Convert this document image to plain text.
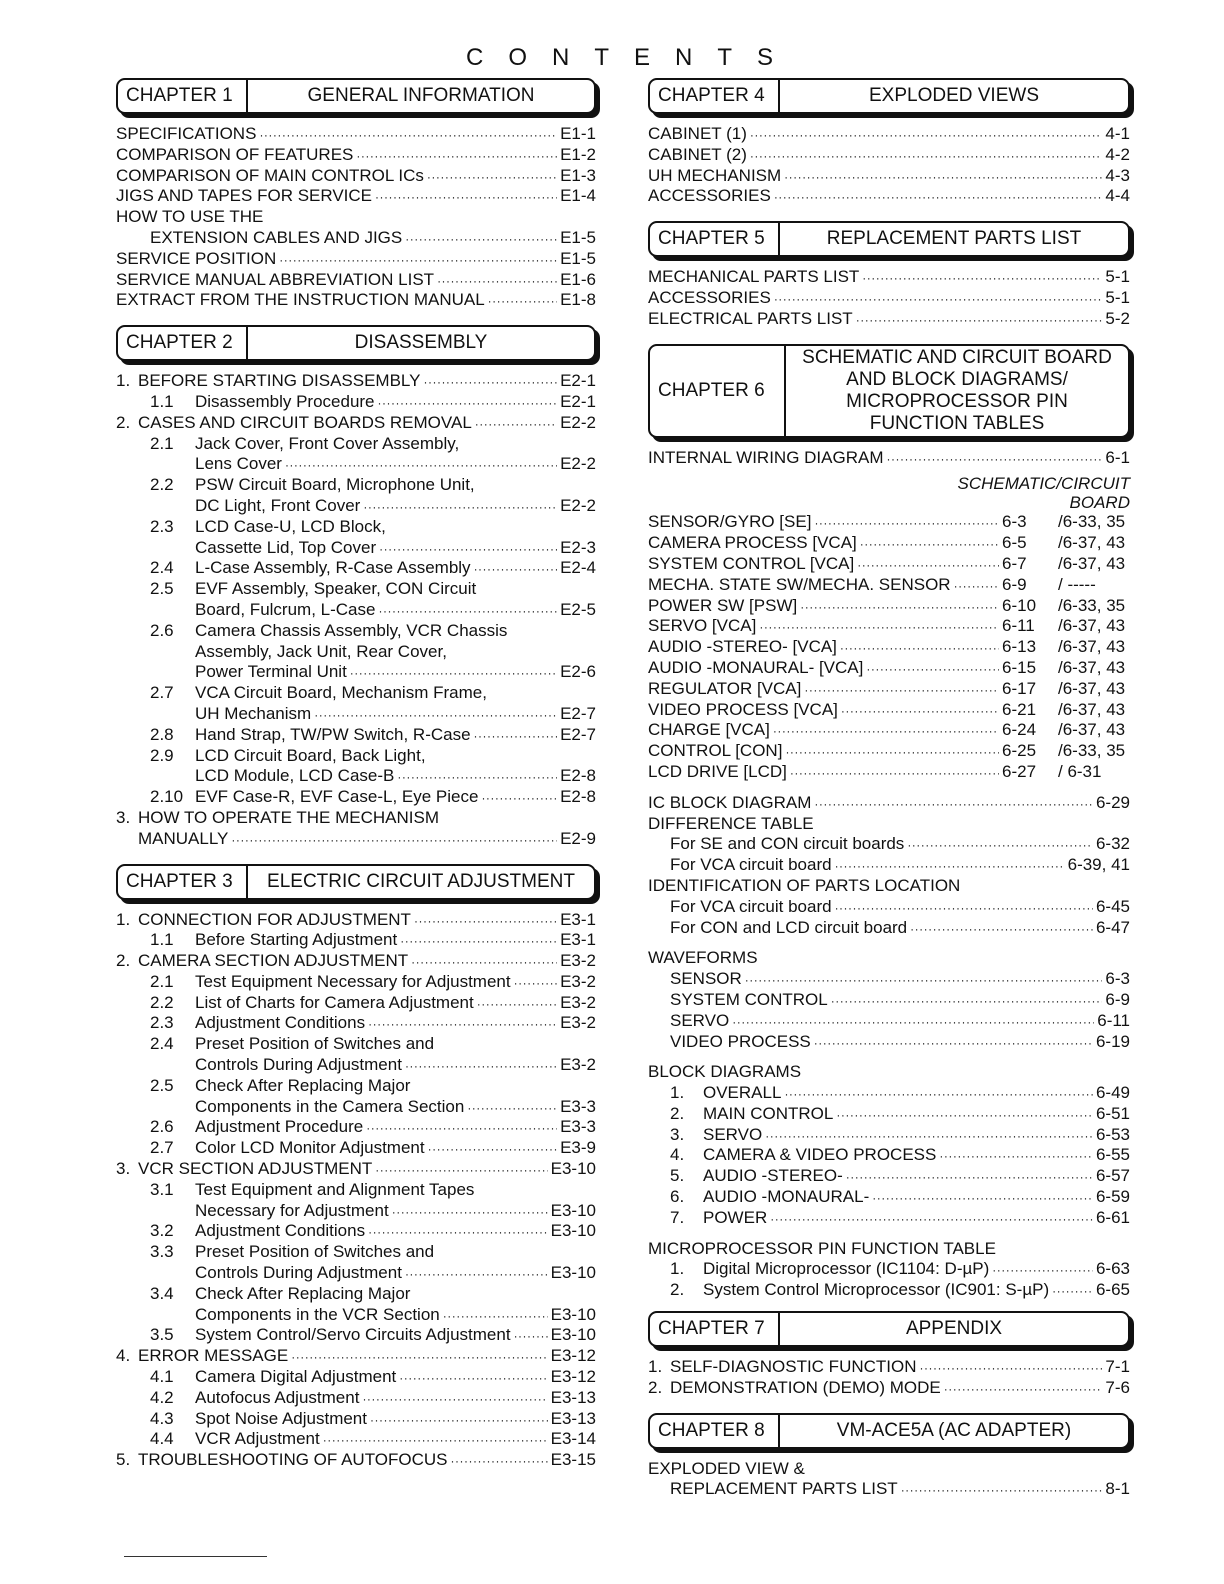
CONTENTS
CHAPTER 1	GENERAL INFORMATION
SPECIFICATIONS ·····	E1-1
COMPARISON OF FEATURES ·····	E1-2
COMPARISON OF MAIN CONTROL ICs ·····	E1-3
JIGS AND TAPES FOR SERVICE ·····	E1-4
HOW TO USE THE
EXTENSION CABLES AND JIGS ·····	E1-5
SERVICE POSITION ·····	E1-5
SERVICE MANUAL ABBREVIATION LIST ·····	E1-6
EXTRACT FROM THE INSTRUCTION MANUAL ·····	E1-8
CHAPTER 2	DISASSEMBLY
1. BEFORE STARTING DISASSEMBLY ·····	E2-1
1.1	Disassembly Procedure ·····	E2-1
2. CASES AND CIRCUIT BOARDS REMOVAL ·····	E2-2
2.1	Jack Cover, Front Cover Assembly,
Lens Cover ·····	E2-2
2.2	PSW Circuit Board, Microphone Unit,
DC Light, Front Cover ·····	E2-2
2.3	LCD Case-U, LCD Block,
Cassette Lid, Top Cover ·····	E2-3
2.4	L-Case Assembly, R-Case Assembly ·····	E2-4
2.5	EVF Assembly, Speaker, CON Circuit
Board, Fulcrum, L-Case ·····	E2-5
2.6	Camera Chassis Assembly, VCR Chassis
Assembly, Jack Unit, Rear Cover,
Power Terminal Unit ·····	E2-6
2.7	VCA Circuit Board, Mechanism Frame,
UH Mechanism ·····	E2-7
2.8	Hand Strap, TW/PW Switch, R-Case ·····	E2-7
2.9	LCD Circuit Board, Back Light,
LCD Module, LCD Case-B ·····	E2-8
2.10 EVF Case-R, EVF Case-L, Eye Piece ·····	E2-8
3. HOW TO OPERATE THE MECHANISM
MANUALLY ·····	E2-9
CHAPTER 3	ELECTRIC CIRCUIT ADJUSTMENT
1. CONNECTION FOR ADJUSTMENT ·····	E3-1
1.1	Before Starting Adjustment ·····	E3-1
2. CAMERA SECTION ADJUSTMENT ·····	E3-2
2.1	Test Equipment Necessary for Adjustment ·····	E3-2
2.2	List of Charts for Camera Adjustment ·····	E3-2
2.3	Adjustment Conditions ·····	E3-2
2.4	Preset Position of Switches and
Controls During Adjustment ·····	E3-2
2.5	Check After Replacing Major
Components in the Camera Section ·····	E3-3
2.6	Adjustment Procedure ·····	E3-3
2.7	Color LCD Monitor Adjustment ·····	E3-9
3. VCR SECTION ADJUSTMENT ·····	E3-10
3.1	Test Equipment and Alignment Tapes
Necessary for Adjustment ·····	E3-10
3.2	Adjustment Conditions ·····	E3-10
3.3	Preset Position of Switches and
Controls During Adjustment ·····	E3-10
3.4	Check After Replacing Major
Components in the VCR Section ·····	E3-10
3.5	System Control/Servo Circuits Adjustment ····· E3-10
4. ERROR MESSAGE ·····	E3-12
4.1	Camera Digital Adjustment ·····	E3-12
4.2	Autofocus Adjustment ·····	E3-13
4.3	Spot Noise Adjustment ·····	E3-13
4.4	VCR Adjustment ·····	E3-14
5. TROUBLESHOOTING OF AUTOFOCUS ·····	E3-15
CHAPTER 4	EXPLODED VIEWS
CABINET (1) ·····	4-1
CABINET (2) ·····	4-2
UH MECHANISM ·····	4-3
ACCESSORIES ·····	4-4
CHAPTER 5	REPLACEMENT PARTS LIST
MECHANICAL PARTS LIST ·····	5-1
ACCESSORIES ·····	5-1
ELECTRICAL PARTS LIST ·····	5-2
CHAPTER 6
SCHEMATIC AND CIRCUIT BOARD
AND BLOCK DIAGRAMS/
MICROPROCESSOR PIN
FUNCTION TABLES
INTERNAL WIRING DIAGRAM ·····	6-1
SCHEMATIC/CIRCUIT
BOARD
SENSOR/GYRO [SE] ·····	6-3	/6-33, 35
CAMERA PROCESS [VCA] ·····	6-5	/6-37, 43
SYSTEM CONTROL [VCA] ·····	6-7	/6-37, 43
MECHA. STATE SW/MECHA. SENSOR ·····	6-9	/ -----
POWER SW [PSW] ·····	6-10	/6-33, 35
SERVO [VCA] ·····	6-11	/6-37, 43
AUDIO -STEREO- [VCA] ·····	6-13	/6-37, 43
AUDIO -MONAURAL- [VCA] ·····	6-15	/6-37, 43
REGULATOR [VCA] ·····	6-17	/6-37, 43
VIDEO PROCESS [VCA] ·····	6-21	/6-37, 43
CHARGE [VCA] ·····	6-24	/6-37, 43
CONTROL [CON] ·····	6-25	/6-33, 35
LCD DRIVE [LCD] ·····	6-27	/ 6-31
IC BLOCK DIAGRAM ·····	6-29
DIFFERENCE TABLE
For SE and CON circuit boards ·····	6-32
For VCA circuit board ·····	6-39, 41
IDENTIFICATION OF PARTS LOCATION
For VCA circuit board ·····	6-45
For CON and LCD circuit board ·····	6-47
WAVEFORMS
SENSOR ·····	6-3
SYSTEM CONTROL ·····	6-9
SERVO ·····	6-11
VIDEO PROCESS ·····	6-19
BLOCK DIAGRAMS
1.	OVERALL ·····	6-49
2.	MAIN CONTROL ·····	6-51
3.	SERVO ·····	6-53
4.	CAMERA & VIDEO PROCESS ·····	6-55
5.	AUDIO -STEREO- ·····	6-57
6.	AUDIO -MONAURAL- ·····	6-59
7.	POWER ·····	6-61
MICROPROCESSOR PIN FUNCTION TABLE
1.	Digital Microprocessor (IC1104: D-µP) ·····	6-63
2.	System Control Microprocessor (IC901: S-µP) ·····	6-65
CHAPTER 7	APPENDIX
1. SELF-DIAGNOSTIC FUNCTION ·····	7-1
2. DEMONSTRATION (DEMO) MODE ·····	7-6
CHAPTER 8	VM-ACE5A (AC ADAPTER)
EXPLODED VIEW &
REPLACEMENT PARTS LIST ·····	8-1
